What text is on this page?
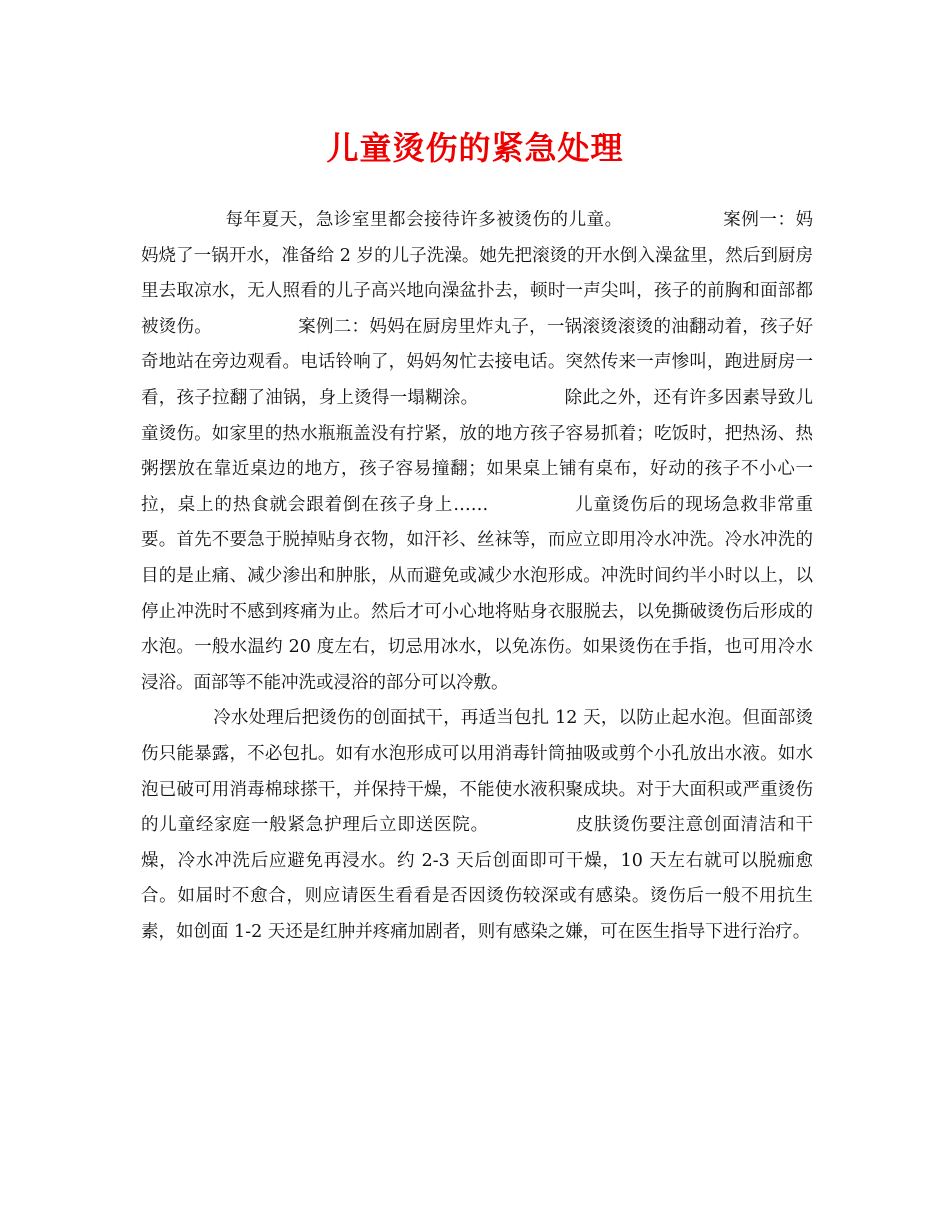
儿童烫伤的紧急处理

每年夏天，急诊室里都会接待许多被烫伤的儿童。	案例一：妈妈烧了一锅开水，准备给 2 岁的儿子洗澡。她先把滚烫的开水倒入澡盆里，然后到厨房里去取凉水，无人照看的儿子高兴地向澡盆扑去，顿时一声尖叫，孩子的前胸和面部都被烫伤。	案例二：妈妈在厨房里炸丸子，一锅滚烫滚烫的油翻动着，孩子好奇地站在旁边观看。电话铃响了，妈妈匆忙去接电话。突然传来一声惨叫，跑进厨房一看，孩子拉翻了油锅，身上烫得一塌糊涂。	除此之外，还有许多因素导致儿童烫伤。如家里的热水瓶瓶盖没有拧紧，放的地方孩子容易抓着；吃饭时，把热汤、热粥摆放在靠近桌边的地方，孩子容易撞翻；如果桌上铺有桌布，好动的孩子不小心一拉，桌上的热食就会跟着倒在孩子身上……	儿童烫伤后的现场急救非常重要。首先不要急于脱掉贴身衣物，如汗衫、丝袜等，而应立即用冷水冲洗。冷水冲洗的目的是止痛、减少渗出和肿胀，从而避免或减少水泡形成。冲洗时间约半小时以上，以停止冲洗时不感到疼痛为止。然后才可小心地将贴身衣服脱去，以免撕破烫伤后形成的水泡。一般水温约 20 度左右，切忌用冰水，以免冻伤。如果烫伤在手指，也可用冷水浸浴。面部等不能冲洗或浸浴的部分可以冷敷。
冷水处理后把烫伤的创面拭干，再适当包扎 12 天，以防止起水泡。但面部烫伤只能暴露，不必包扎。如有水泡形成可以用消毒针筒抽吸或剪个小孔放出水液。如水泡已破可用消毒棉球搽干，并保持干燥，不能使水液积聚成块。对于大面积或严重烫伤的儿童经家庭一般紧急护理后立即送医院。	皮肤烫伤要注意创面清洁和干燥，冷水冲洗后应避免再浸水。约 2-3 天后创面即可干燥，10 天左右就可以脱痂愈合。如届时不愈合，则应请医生看看是否因烫伤较深或有感染。烫伤后一般不用抗生素，如创面 1-2 天还是红肿并疼痛加剧者，则有感染之嫌，可在医生指导下进行治疗。
